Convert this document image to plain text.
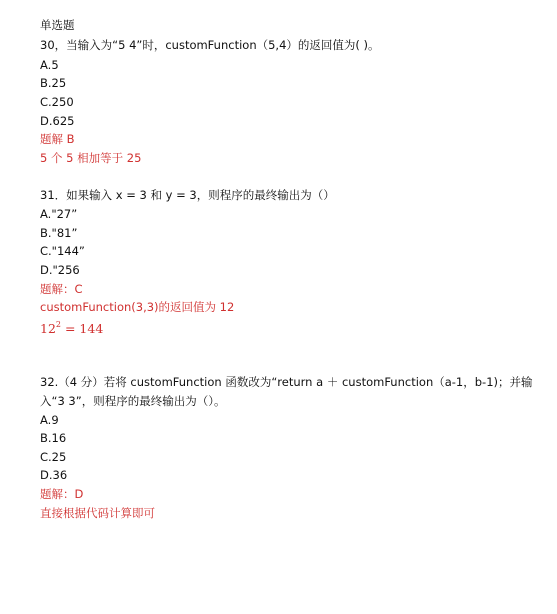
单选题
30，当输入为“5 4”时，customFunction（5,4）的返回值为( )。
A.5
B.25
C.250
D.625
题解 B
5 个 5 相加等于 25
31．如果输入 x = 3 和 y = 3，则程序的最终输出为（）
A."27”
B."81”
C."144”
D."256
题解：C
customFunction(3,3)的返回值为 12
$12^2 = 144$
32.（4 分）若将 customFunction 函数改为“return a ＋ customFunction（a-1，b-1)；并输
入“3 3”，则程序的最终输出为（）。
A.9
B.16
C.25
D.36
题解：D
直接根据代码计算即可
